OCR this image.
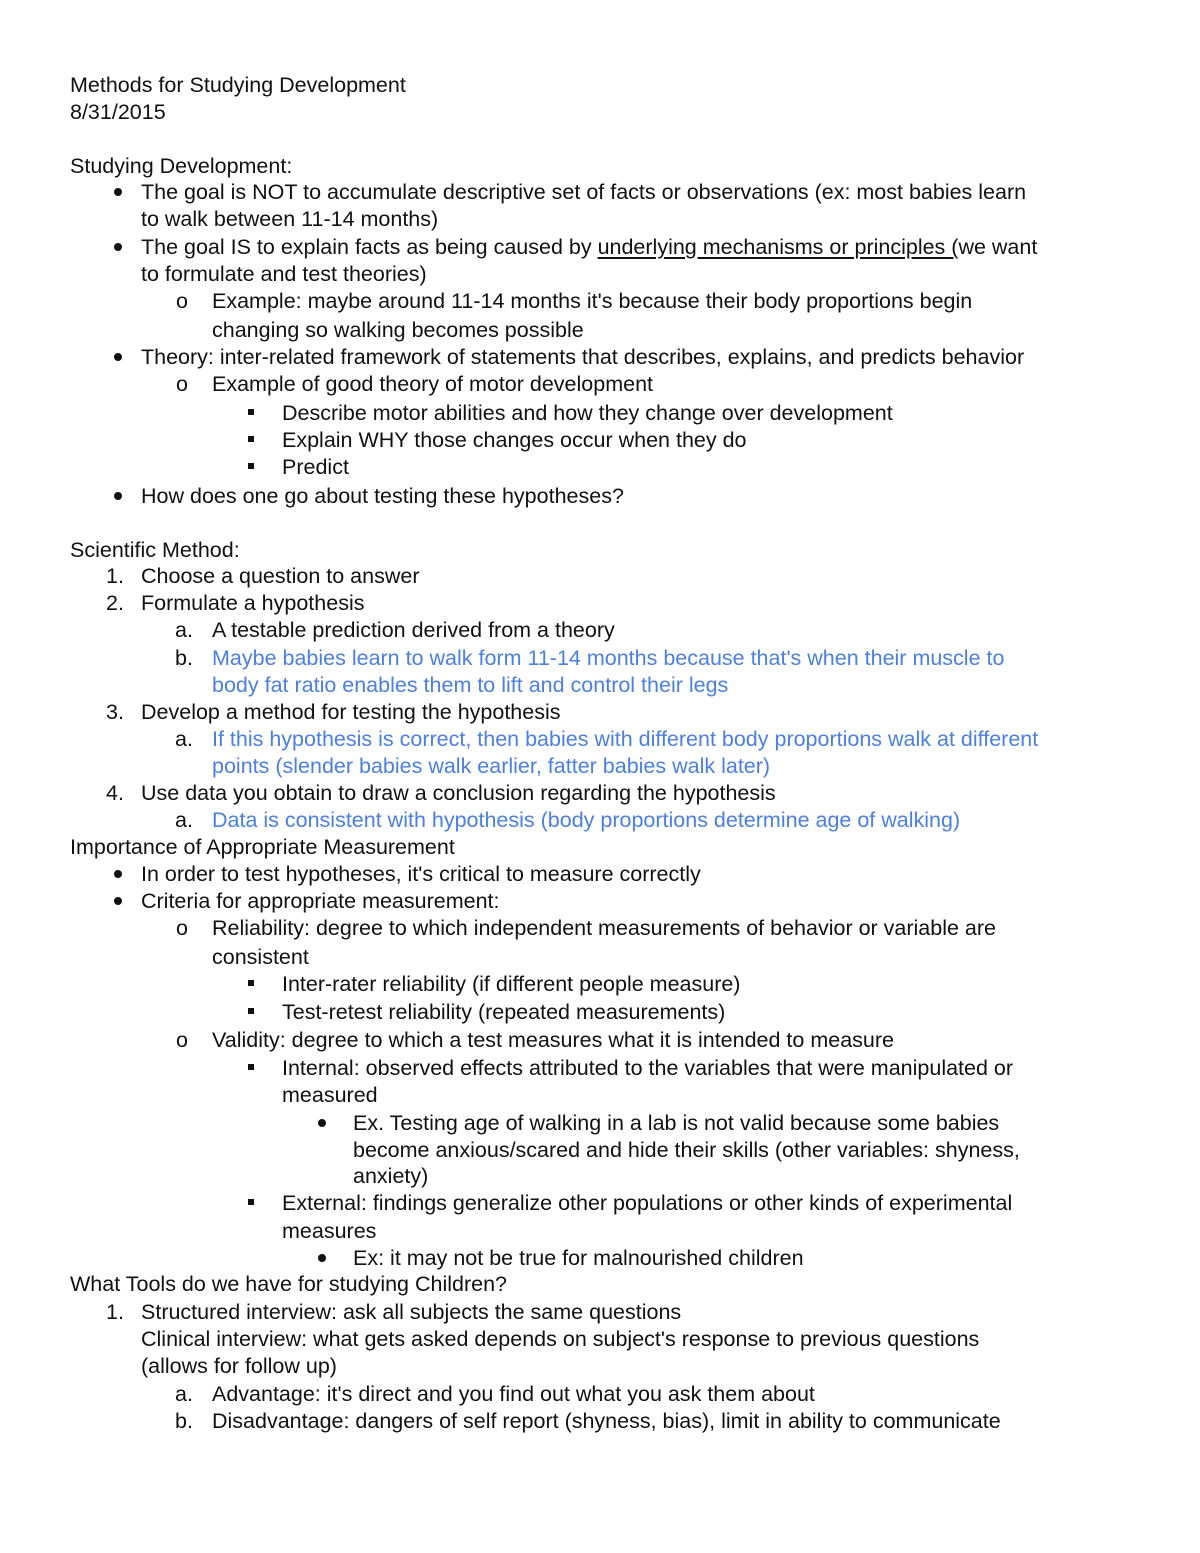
Methods for Studying Development
8/31/2015
Studying Development:
The goal is NOT to accumulate descriptive set of facts or observations (ex: most babies learn
to walk between 11-14 months)
The goal IS to explain facts as being caused by underlying mechanisms or principles (we want
to formulate and test theories)
o Example: maybe around 11-14 months it's because their body proportions begin
changing so walking becomes possible
Theory: inter-related framework of statements that describes, explains, and predicts behavior
o Example of good theory of motor development
Describe motor abilities and how they change over development
Explain WHY those changes occur when they do
Predict
How does one go about testing these hypotheses?
Scientific Method:
1. Choose a question to answer
2. Formulate a hypothesis
a. A testable prediction derived from a theory
b. Maybe babies learn to walk form 11-14 months because that's when their muscle to
body fat ratio enables them to lift and control their legs
3. Develop a method for testing the hypothesis
a. If this hypothesis is correct, then babies with different body proportions walk at different
points (slender babies walk earlier, fatter babies walk later)
4. Use data you obtain to draw a conclusion regarding the hypothesis
a. Data is consistent with hypothesis (body proportions determine age of walking)
Importance of Appropriate Measurement
In order to test hypotheses, it's critical to measure correctly
Criteria for appropriate measurement:
o Reliability: degree to which independent measurements of behavior or variable are
consistent
Inter-rater reliability (if different people measure)
Test-retest reliability (repeated measurements)
o Validity: degree to which a test measures what it is intended to measure
Internal: observed effects attributed to the variables that were manipulated or
measured
Ex. Testing age of walking in a lab is not valid because some babies
become anxious/scared and hide their skills (other variables: shyness,
anxiety)
External: findings generalize other populations or other kinds of experimental
measures
Ex: it may not be true for malnourished children
What Tools do we have for studying Children?
1. Structured interview: ask all subjects the same questions
Clinical interview: what gets asked depends on subject's response to previous questions
(allows for follow up)
a. Advantage: it's direct and you find out what you ask them about
b. Disadvantage: dangers of self report (shyness, bias), limit in ability to communicate
